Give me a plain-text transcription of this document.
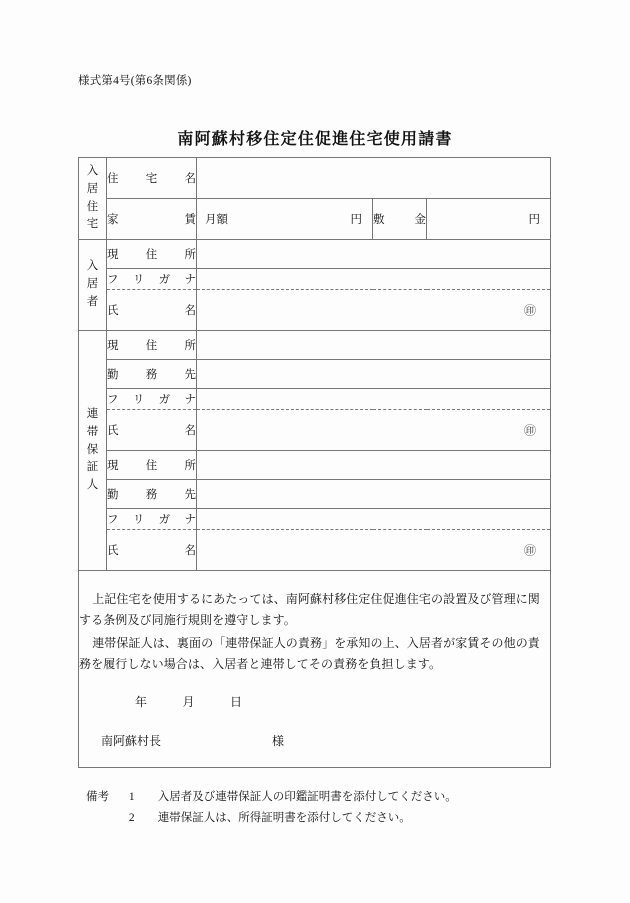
様式第4号(第6条関係)
南阿蘇村移住定住促進住宅使用請書
入
居
住
宅	住　宅　名			
	家　　　賃	月額 円	敷　　金	円

入
居
者	現　住　所			
	フ　リ　ガ　ナ			
	氏　　　名	㊞		

連
帯
保
証
人	現　住　所			
	勤　務　先			
	フ　リ　ガ　ナ			
	氏　　　名	㊞		

	現　住　所			
	勤　務　先			
	フ　リ　ガ　ナ			
	氏　　　名	㊞		

上記住宅を使用するにあたっては、南阿蘇村移住定住促進住宅の設置及び管理に関する条例及び同施行規則を遵守します。

連帯保証人は、裏面の「連帯保証人の責務」を承知の上、入居者が家賃その他の責務を履行しない場合は、入居者と連帯してその責務を負担します。

年 月 日
南阿蘇村長 様				
備考 1 入居者及び連帯保証人の印鑑証明書を添付してください。
2 連帯保証人は、所得証明書を添付してください。
